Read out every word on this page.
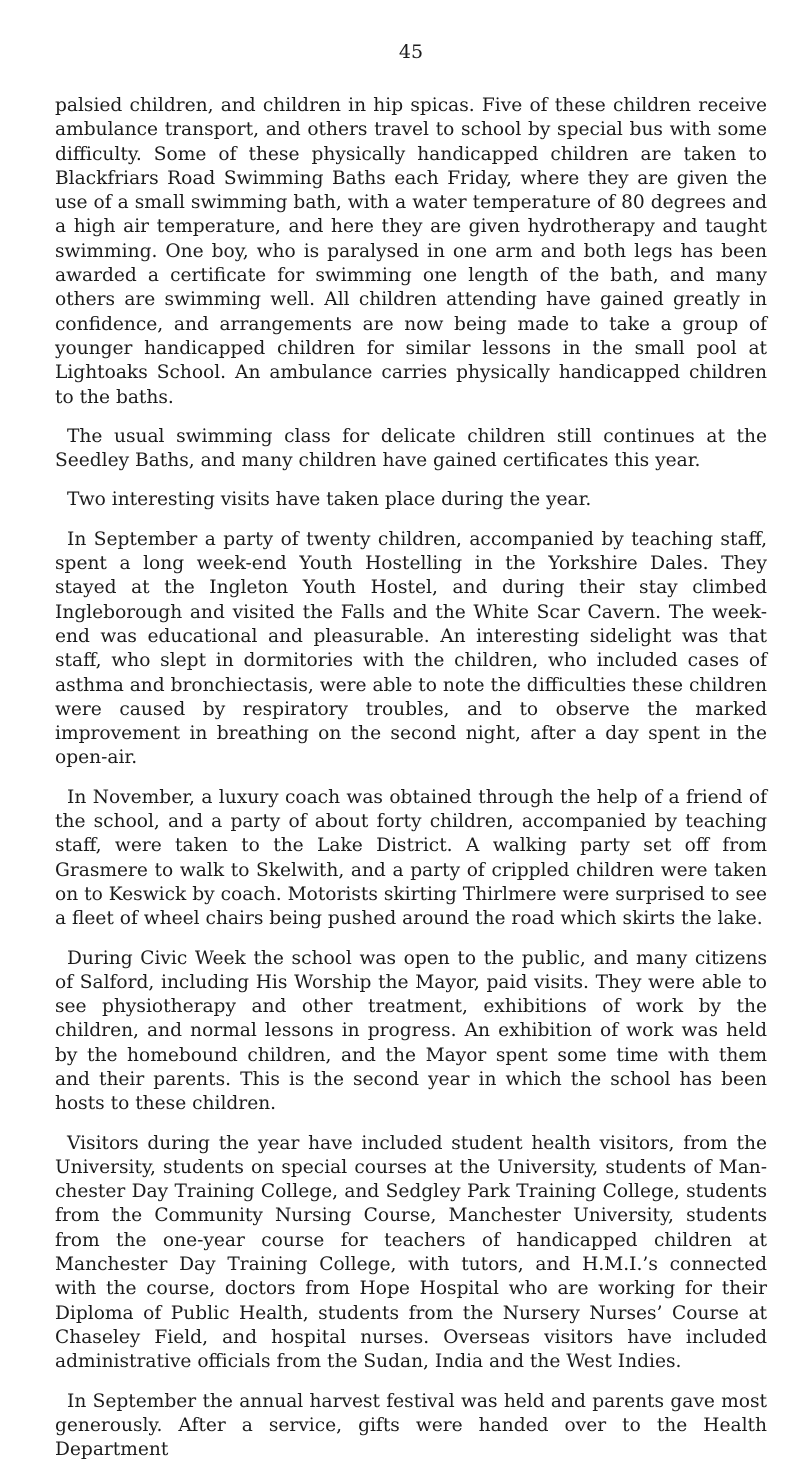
45

palsied children, and children in hip spicas. Five of these children receive ambulance transport, and others travel to school by special bus with some difficulty. Some of these physically handicapped children are taken to Blackfriars Road Swimming Baths each Friday, where they are given the use of a small swimming bath, with a water temperature of 80 degrees and a high air temperature, and here they are given hydrotherapy and taught swimming. One boy, who is paralysed in one arm and both legs has been awarded a certificate for swimming one length of the bath, and many others are swimming well. All children attending have gained greatly in confidence, and arrangements are now being made to take a group of younger handicapped children for similar lessons in the small pool at Lightoaks School. An ambulance carries physically handicapped children to the baths.

The usual swimming class for delicate children still continues at the Seedley Baths, and many children have gained certificates this year.

Two interesting visits have taken place during the year.

In September a party of twenty children, accompanied by teaching staff, spent a long week-end Youth Hostelling in the Yorkshire Dales. They stayed at the Ingleton Youth Hostel, and during their stay climbed Ingleborough and visited the Falls and the White Scar Cavern. The week-end was educational and pleasurable. An interesting sidelight was that staff, who slept in dormitories with the children, who included cases of asthma and bronchiectasis, were able to note the difficulties these children were caused by respiratory troubles, and to observe the marked improvement in breathing on the second night, after a day spent in the open-air.

In November, a luxury coach was obtained through the help of a friend of the school, and a party of about forty children, accompanied by teaching staff, were taken to the Lake District. A walking party set off from Grasmere to walk to Skelwith, and a party of crippled children were taken on to Keswick by coach. Motorists skirting Thirlmere were surprised to see a fleet of wheel chairs being pushed around the road which skirts the lake.

During Civic Week the school was open to the public, and many citizens of Salford, including His Worship the Mayor, paid visits. They were able to see physiotherapy and other treatment, exhibitions of work by the children, and normal lessons in progress. An exhibition of work was held by the homebound children, and the Mayor spent some time with them and their parents. This is the second year in which the school has been hosts to these children.

Visitors during the year have included student health visitors, from the University, students on special courses at the University, students of Manchester Day Training College, and Sedgley Park Training College, students from the Community Nursing Course, Manchester University, students from the one-year course for teachers of handicapped children at Manchester Day Training College, with tutors, and H.M.I.’s connected with the course, doctors from Hope Hospital who are working for their Diploma of Public Health, students from the Nursery Nurses’ Course at Chaseley Field, and hospital nurses. Overseas visitors have included administrative officials from the Sudan, India and the West Indies.

In September the annual harvest festival was held and parents gave most generously. After a service, gifts were handed over to the Health Department
